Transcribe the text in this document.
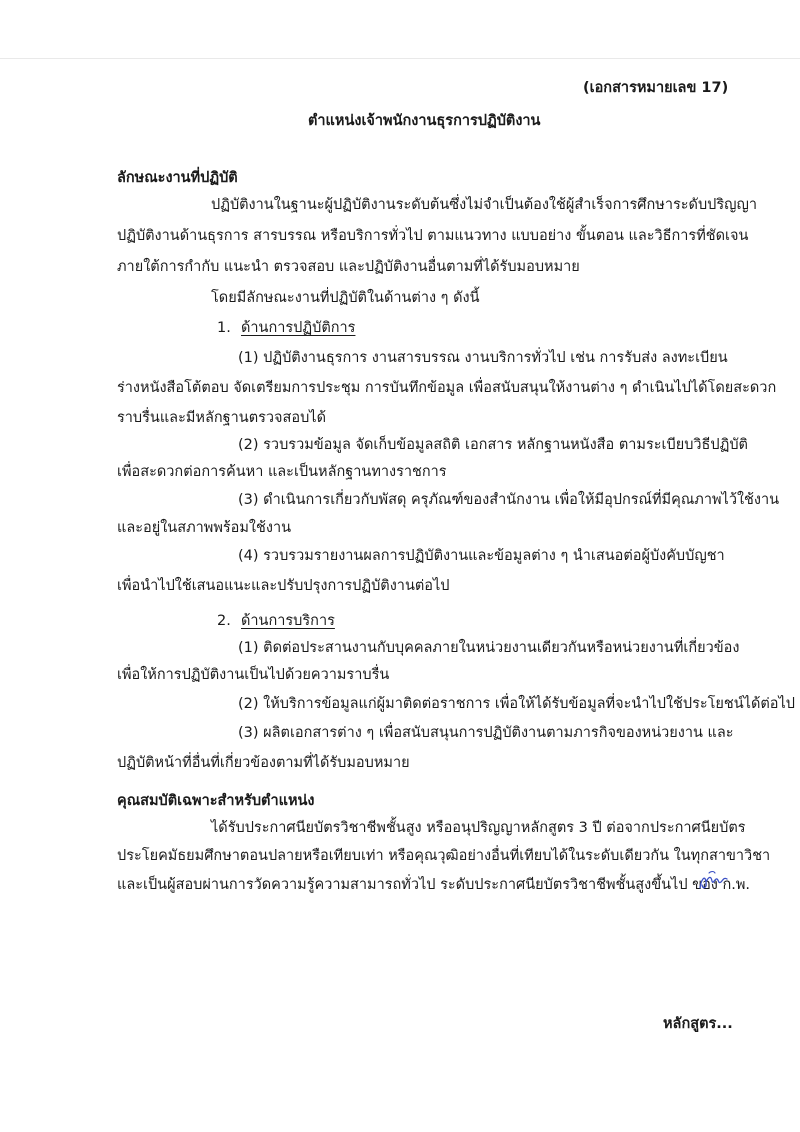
(เอกสารหมายเลข 17)

ตำแหน่งเจ้าพนักงานธุรการปฏิบัติงาน

ลักษณะงานที่ปฏิบัติ

ปฏิบัติงานในฐานะผู้ปฏิบัติงานระดับต้นซึ่งไม่จำเป็นต้องใช้ผู้สำเร็จการศึกษาระดับปริญญา

ปฏิบัติงานด้านธุรการ สารบรรณ หรือบริการทั่วไป ตามแนวทาง แบบอย่าง ขั้นตอน และวิธีการที่ชัดเจน

ภายใต้การกำกับ แนะนำ ตรวจสอบ และปฏิบัติงานอื่นตามที่ได้รับมอบหมาย

โดยมีลักษณะงานที่ปฏิบัติในด้านต่าง ๆ ดังนี้

1. ด้านการปฏิบัติการ

(1) ปฏิบัติงานธุรการ งานสารบรรณ งานบริการทั่วไป เช่น การรับส่ง ลงทะเบียน

ร่างหนังสือโต้ตอบ จัดเตรียมการประชุม การบันทึกข้อมูล เพื่อสนับสนุนให้งานต่าง ๆ ดำเนินไปได้โดยสะดวก

ราบรื่นและมีหลักฐานตรวจสอบได้

(2) รวบรวมข้อมูล จัดเก็บข้อมูลสถิติ เอกสาร หลักฐานหนังสือ ตามระเบียบวิธีปฏิบัติ

เพื่อสะดวกต่อการค้นหา และเป็นหลักฐานทางราชการ

(3) ดำเนินการเกี่ยวกับพัสดุ ครุภัณฑ์ของสำนักงาน เพื่อให้มีอุปกรณ์ที่มีคุณภาพไว้ใช้งาน

และอยู่ในสภาพพร้อมใช้งาน

(4) รวบรวมรายงานผลการปฏิบัติงานและข้อมูลต่าง ๆ นำเสนอต่อผู้บังคับบัญชา

เพื่อนำไปใช้เสนอแนะและปรับปรุงการปฏิบัติงานต่อไป

2. ด้านการบริการ

(1) ติดต่อประสานงานกับบุคคลภายในหน่วยงานเดียวกันหรือหน่วยงานที่เกี่ยวข้อง

เพื่อให้การปฏิบัติงานเป็นไปด้วยความราบรื่น

(2) ให้บริการข้อมูลแก่ผู้มาติดต่อราชการ เพื่อให้ได้รับข้อมูลที่จะนำไปใช้ประโยชน์ได้ต่อไป

(3) ผลิตเอกสารต่าง ๆ เพื่อสนับสนุนการปฏิบัติงานตามภารกิจของหน่วยงาน และ

ปฏิบัติหน้าที่อื่นที่เกี่ยวข้องตามที่ได้รับมอบหมาย

คุณสมบัติเฉพาะสำหรับตำแหน่ง

ได้รับประกาศนียบัตรวิชาชีพชั้นสูง หรืออนุปริญญาหลักสูตร 3 ปี ต่อจากประกาศนียบัตร

ประโยคมัธยมศึกษาตอนปลายหรือเทียบเท่า หรือคุณวุฒิอย่างอื่นที่เทียบได้ในระดับเดียวกัน ในทุกสาขาวิชา

และเป็นผู้สอบผ่านการวัดความรู้ความสามารถทั่วไป ระดับประกาศนียบัตรวิชาชีพชั้นสูงขึ้นไป ของ ก.พ.

หลักสูตร...
